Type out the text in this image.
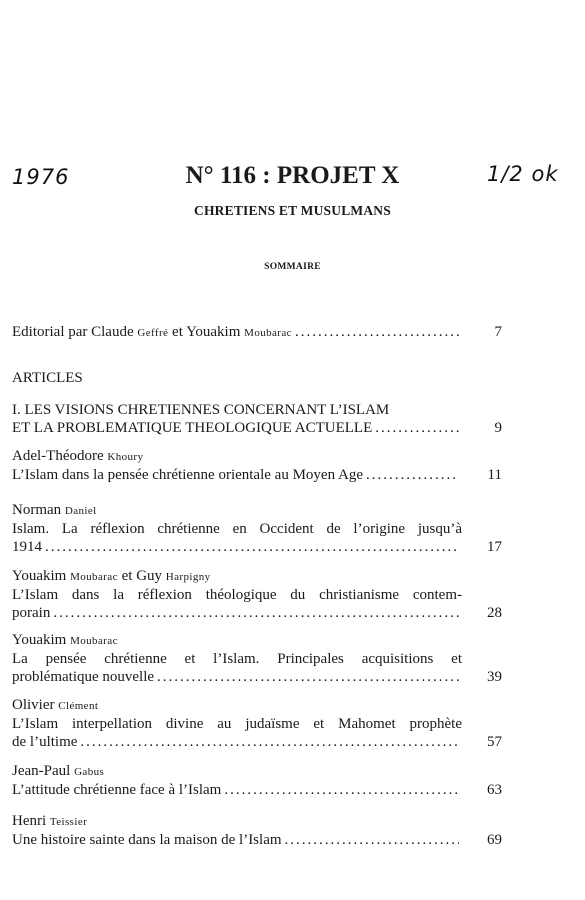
1976	1/2 ok
N° 116 : PROJET X
CHRETIENS ET MUSULMANS
SOMMAIRE
Editorial par Claude Geffré et Youakim Moubarac .....	7
ARTICLES
I. LES VISIONS CHRETIENNES CONCERNANT L’ISLAM
ET LA PROBLEMATIQUE THEOLOGIQUE ACTUELLE .....	9
Adel-Théodore Khoury
L’Islam dans la pensée chrétienne orientale au Moyen Age .....	11
Norman Daniel
Islam. La réflexion chrétienne en Occident de l’origine jusqu’à
1914 .....	17
Youakim Moubarac et Guy Harpigny
L’Islam dans la réflexion théologique du christianisme contem-
porain .....	28
Youakim Moubarac
La pensée chrétienne et l’Islam. Principales acquisitions et
problématique nouvelle .....	39
Olivier Clément
L’Islam interpellation divine au judaïsme et Mahomet prophète
de l’ultime .....	57
Jean-Paul Gabus
L’attitude chrétienne face à l’Islam .....	63
Henri Teissier
Une histoire sainte dans la maison de l’Islam .....	69
